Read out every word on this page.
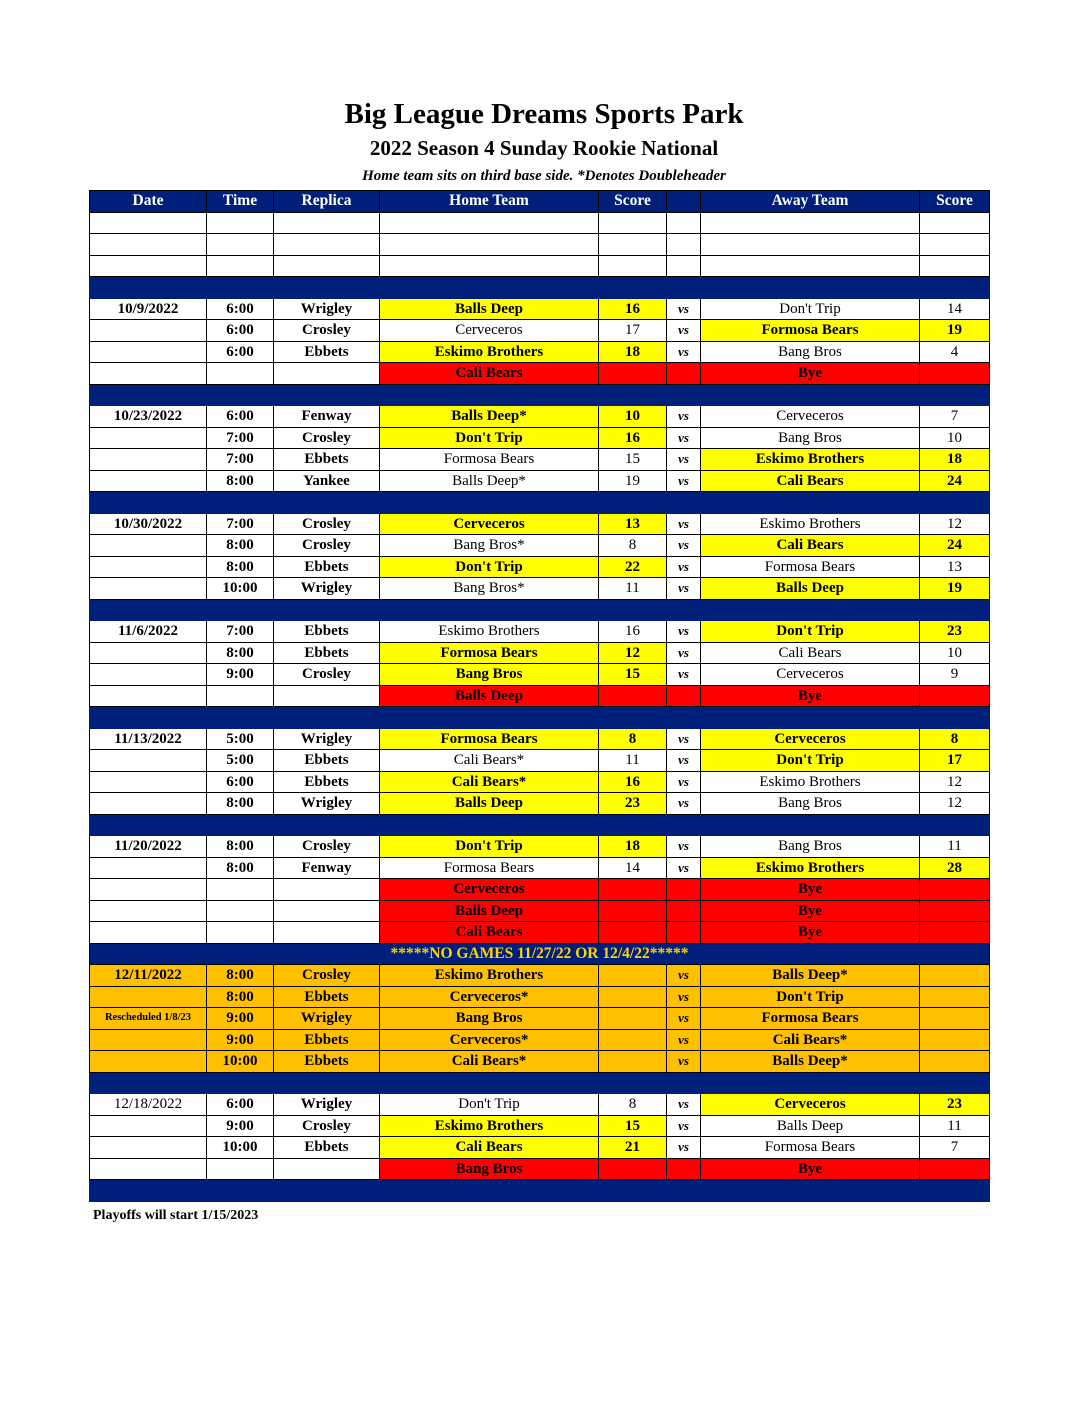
Big League Dreams Sports Park
2022 Season 4 Sunday Rookie National
Home team sits on third base side. *Denotes Doubleheader
Date	Time	Replica	Home Team	Score		Away Team	Score

10/9/2022	6:00	Wrigley	Balls Deep	16	vs	Don't Trip	14
	6:00	Crosley	Cerveceros	17	vs	Formosa Bears	19
	6:00	Ebbets	Eskimo Brothers	18	vs	Bang Bros	4
			Cali Bears			Bye	

10/23/2022	6:00	Fenway	Balls Deep*	10	vs	Cerveceros	7
	7:00	Crosley	Don't Trip	16	vs	Bang Bros	10
	7:00	Ebbets	Formosa Bears	15	vs	Eskimo Brothers	18
	8:00	Yankee	Balls Deep*	19	vs	Cali Bears	24

10/30/2022	7:00	Crosley	Cerveceros	13	vs	Eskimo Brothers	12
	8:00	Crosley	Bang Bros*	8	vs	Cali Bears	24
	8:00	Ebbets	Don't Trip	22	vs	Formosa Bears	13
	10:00	Wrigley	Bang Bros*	11	vs	Balls Deep	19

11/6/2022	7:00	Ebbets	Eskimo Brothers	16	vs	Don't Trip	23
	8:00	Ebbets	Formosa Bears	12	vs	Cali Bears	10
	9:00	Crosley	Bang Bros	15	vs	Cerveceros	9
			Balls Deep			Bye	

11/13/2022	5:00	Wrigley	Formosa Bears	8	vs	Cerveceros	8
	5:00	Ebbets	Cali Bears*	11	vs	Don't Trip	17
	6:00	Ebbets	Cali Bears*	16	vs	Eskimo Brothers	12
	8:00	Wrigley	Balls Deep	23	vs	Bang Bros	12

11/20/2022	8:00	Crosley	Don't Trip	18	vs	Bang Bros	11
	8:00	Fenway	Formosa Bears	14	vs	Eskimo Brothers	28
			Cerveceros			Bye	
			Balls Deep			Bye	
			Cali Bears			Bye	
*****NO GAMES 11/27/22 OR 12/4/22*****							
12/11/2022	8:00	Crosley	Eskimo Brothers		vs	Balls Deep*	
	8:00	Ebbets	Cerveceros*		vs	Don't Trip	
Rescheduled 1/8/23	9:00	Wrigley	Bang Bros		vs	Formosa Bears	
	9:00	Ebbets	Cerveceros*		vs	Cali Bears*	
	10:00	Ebbets	Cali Bears*		vs	Balls Deep*	

12/18/2022	6:00	Wrigley	Don't Trip	8	vs	Cerveceros	23
	9:00	Crosley	Eskimo Brothers	15	vs	Balls Deep	11
	10:00	Ebbets	Cali Bears	21	vs	Formosa Bears	7
			Bang Bros			Bye	

Playoffs will start 1/15/2023
